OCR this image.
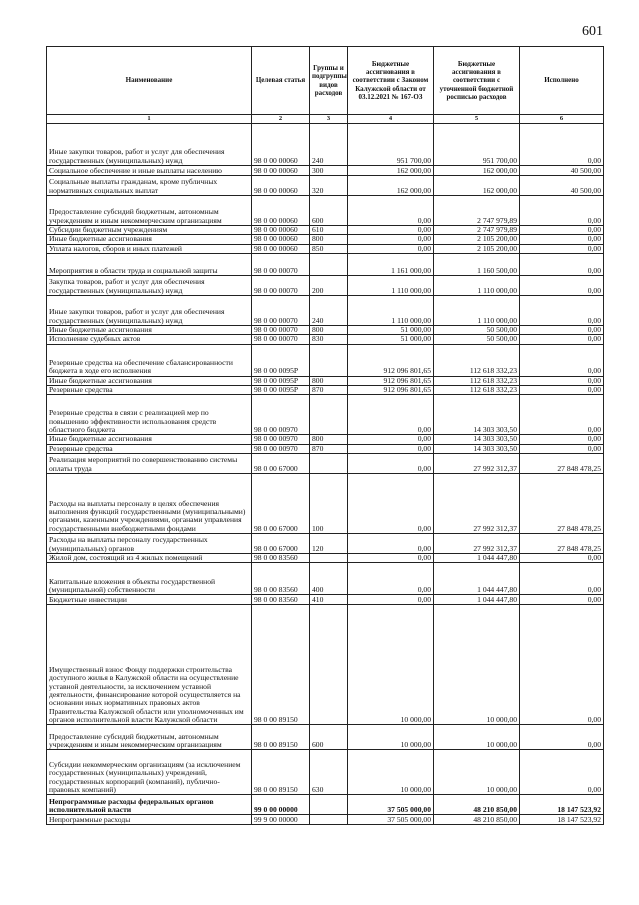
601
Наименование	Целевая статья	Группы и подгруппы видов расходов	Бюджетные ассигнования в соответствии с Законом Калужской области от 03.12.2021 № 167-ОЗ	Бюджетные ассигнования в соответствии с уточненной бюджетной росписью расходов	Исполнено
1	2	3	4	5	6
Иные закупки товаров, работ и услуг для обеспечения государственных (муниципальных) нужд	98 0 00 00060	240	951 700,00	951 700,00	0,00
Социальное обеспечение и иные выплаты населению	98 0 00 00060	300	162 000,00	162 000,00	40 500,00
Социальные выплаты гражданам, кроме публичных нормативных социальных выплат	98 0 00 00060	320	162 000,00	162 000,00	40 500,00
Предоставление субсидий бюджетным, автономным учреждениям и иным некоммерческим организациям	98 0 00 00060	600	0,00	2 747 979,89	0,00
Субсидии бюджетным учреждениям	98 0 00 00060	610	0,00	2 747 979,89	0,00
Иные бюджетные ассигнования	98 0 00 00060	800	0,00	2 105 200,00	0,00
Уплата налогов, сборов и иных платежей	98 0 00 00060	850	0,00	2 105 200,00	0,00
Мероприятия в области труда и социальной защиты	98 0 00 00070		1 161 000,00	1 160 500,00	0,00
Закупка товаров, работ и услуг для обеспечения государственных (муниципальных) нужд	98 0 00 00070	200	1 110 000,00	1 110 000,00	0,00
Иные закупки товаров, работ и услуг для обеспечения государственных (муниципальных) нужд	98 0 00 00070	240	1 110 000,00	1 110 000,00	0,00
Иные бюджетные ассигнования	98 0 00 00070	800	51 000,00	50 500,00	0,00
Исполнение судебных актов	98 0 00 00070	830	51 000,00	50 500,00	0,00
Резервные средства на обеспечение сбалансированности бюджета в ходе его исполнения	98 0 00 0095Р		912 096 801,65	112 618 332,23	0,00
Иные бюджетные ассигнования	98 0 00 0095Р	800	912 096 801,65	112 618 332,23	0,00
Резервные средства	98 0 00 0095Р	870	912 096 801,65	112 618 332,23	0,00
Резервные средства в связи с реализацией мер по повышению эффективности использования средств областного бюджета	98 0 00 00970		0,00	14 303 303,50	0,00
Иные бюджетные ассигнования	98 0 00 00970	800	0,00	14 303 303,50	0,00
Резервные средства	98 0 00 00970	870	0,00	14 303 303,50	0,00
Реализация мероприятий по совершенствованию системы оплаты труда	98 0 00 67000		0,00	27 992 312,37	27 848 478,25
Расходы на выплаты персоналу в целях обеспечения выполнения функций государственными (муниципальными) органами, казенными учреждениями, органами управления государственными внебюджетными фондами	98 0 00 67000	100	0,00	27 992 312,37	27 848 478,25
Расходы на выплаты персоналу государственных (муниципальных) органов	98 0 00 67000	120	0,00	27 992 312,37	27 848 478,25
Жилой дом, состоящий из 4 жилых помещений	98 0 00 83560		0,00	1 044 447,80	0,00
Капитальные вложения в объекты государственной (муниципальной) собственности	98 0 00 83560	400	0,00	1 044 447,80	0,00
Бюджетные инвестиции	98 0 00 83560	410	0,00	1 044 447,80	0,00
Имущественный взнос Фонду поддержки строительства доступного жилья в Калужской области на осуществление уставной деятельности, за исключением уставной деятельности, финансирование которой осуществляется на основании иных нормативных правовых актов Правительства Калужской области или уполномоченных им органов исполнительной власти Калужской области	98 0 00 89150		10 000,00	10 000,00	0,00
Предоставление субсидий бюджетным, автономным учреждениям и иным некоммерческим организациям	98 0 00 89150	600	10 000,00	10 000,00	0,00
Субсидии некоммерческим организациям (за исключением государственных (муниципальных) учреждений, государственных корпораций (компаний), публично-правовых компаний)	98 0 00 89150	630	10 000,00	10 000,00	0,00
Непрограммные расходы федеральных органов исполнительной власти	99 0 00 00000		37 505 000,00	48 210 850,00	18 147 523,92
Непрограммные расходы	99 9 00 00000		37 505 000,00	48 210 850,00	18 147 523,92
